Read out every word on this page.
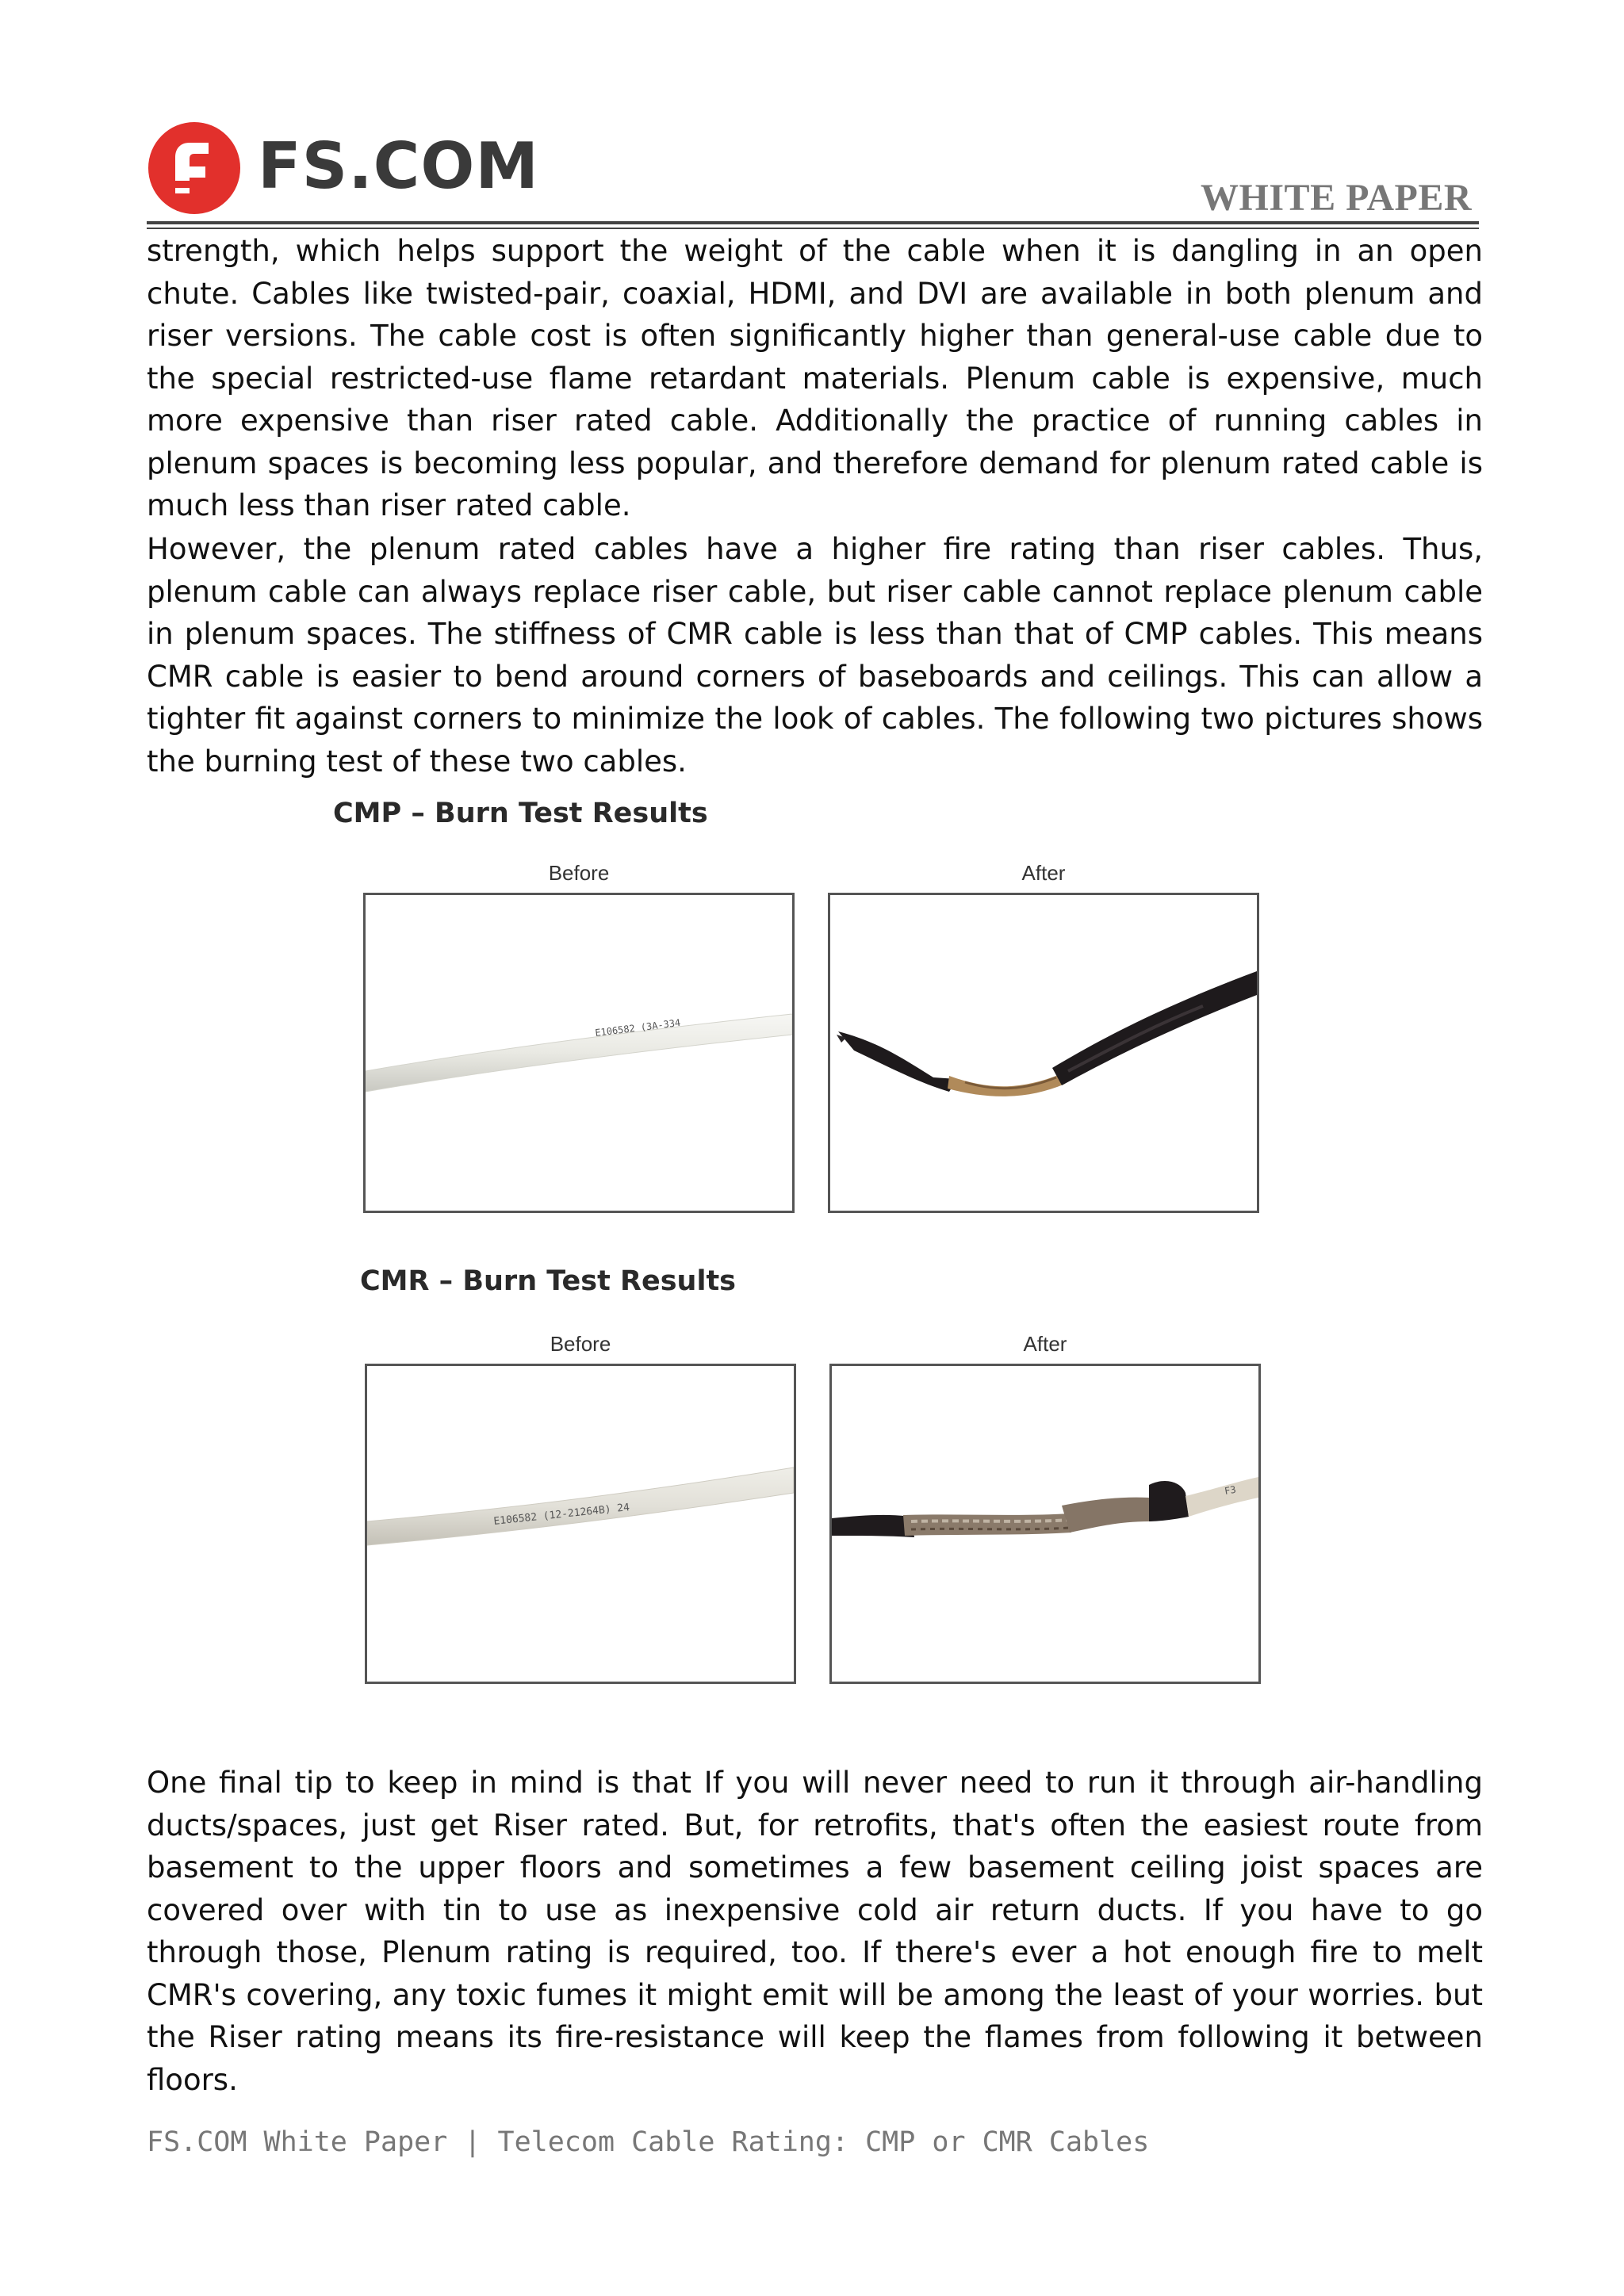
FS.COM	WHITE PAPER

strength, which helps support the weight of the cable when it is dangling in an open chute. Cables like twisted-pair, coaxial, HDMI, and DVI are available in both plenum and riser versions. The cable cost is often significantly higher than general-use cable due to the special restricted-use flame retardant materials. Plenum cable is expensive, much more expensive than riser rated cable. Additionally the practice of running cables in plenum spaces is becoming less popular, and therefore demand for plenum rated cable is much less than riser rated cable.

However, the plenum rated cables have a higher fire rating than riser cables. Thus, plenum cable can always replace riser cable, but riser cable cannot replace plenum cable in plenum spaces. The stiffness of CMR cable is less than that of CMP cables. This means CMR cable is easier to bend around corners of baseboards and ceilings. This can allow a tighter fit against corners to minimize the look of cables. The following two pictures shows the burning test of these two cables.

CMP – Burn Test Results
Before	After
E106582 (3A-334
CMR – Burn Test Results
Before	After
E106582 (12-21264B) 24
F3

One final tip to keep in mind is that If you will never need to run it through air-handling ducts/spaces, just get Riser rated. But, for retrofits, that's often the easiest route from basement to the upper floors and sometimes a few basement ceiling joist spaces are covered over with tin to use as inexpensive cold air return ducts. If you have to go through those, Plenum rating is required, too. If there's ever a hot enough fire to melt CMR's covering, any toxic fumes it might emit will be among the least of your worries. but the Riser rating means its fire-resistance will keep the flames from following it between floors.

FS.COM White Paper | Telecom Cable Rating: CMP or CMR Cables
